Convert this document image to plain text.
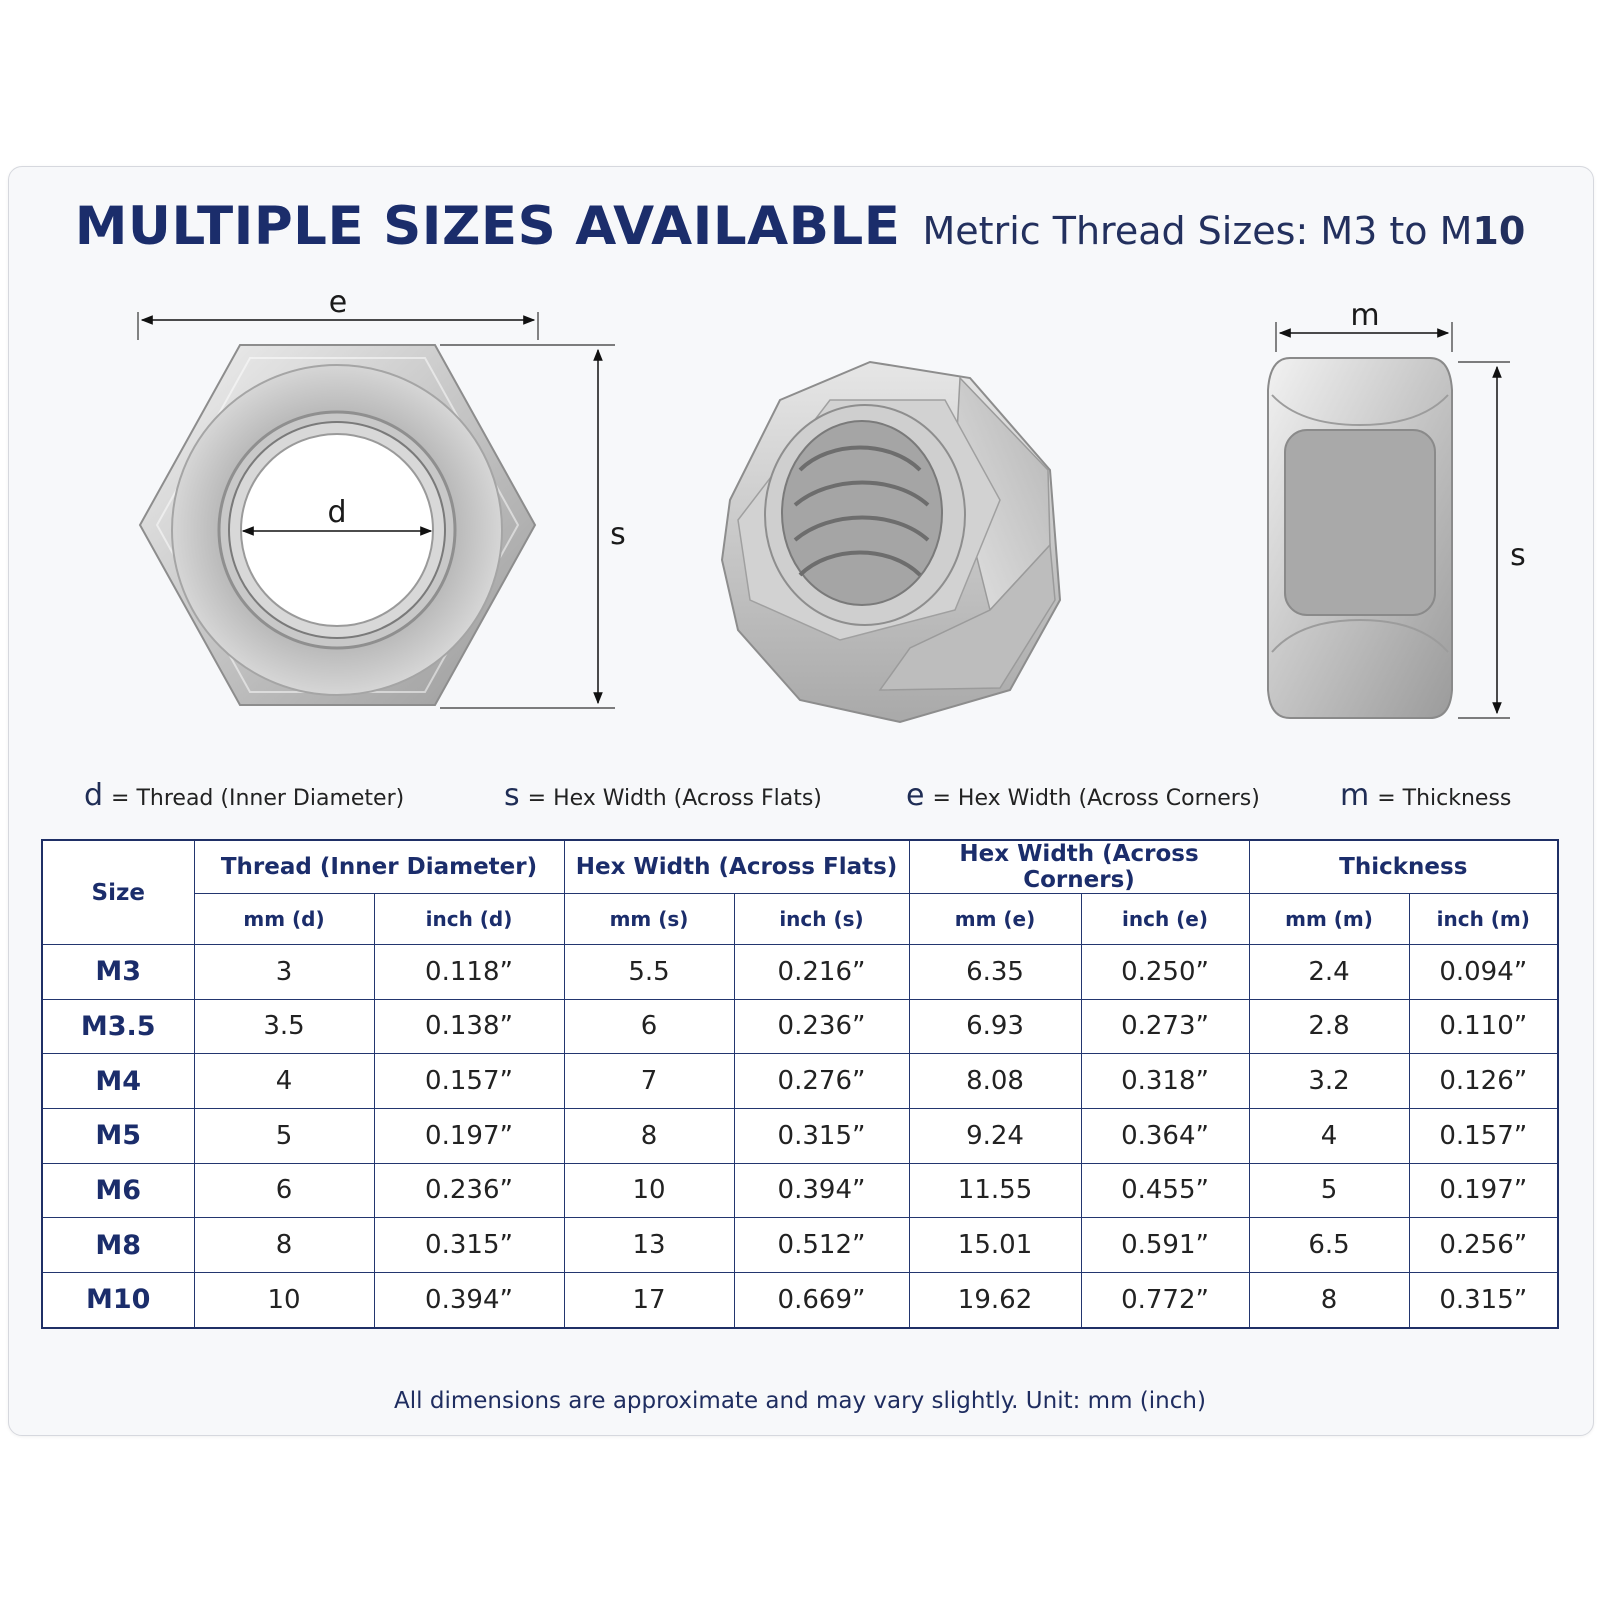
MULTIPLE SIZES AVAILABLE Metric Thread Sizes: M3 to M10
e
d
s
m
s
d = Thread (Inner Diameter)	s = Hex Width (Across Flats)	e = Hex Width (Across Corners)	m = Thickness
Size	Thread (Inner Diameter)		Hex Width (Across Flats)		Hex Width (Across Corners)		Thickness	
	mm (d)	inch (d)	mm (s)	inch (s)	mm (e)	inch (e)	mm (m)	inch (m)
M3	3	0.118”	5.5	0.216”	6.35	0.250”	2.4	0.094”
M3.5	3.5	0.138”	6	0.236”	6.93	0.273”	2.8	0.110”
M4	4	0.157”	7	0.276”	8.08	0.318”	3.2	0.126”
M5	5	0.197”	8	0.315”	9.24	0.364”	4	0.157”
M6	6	0.236”	10	0.394”	11.55	0.455”	5	0.197”
M8	8	0.315”	13	0.512”	15.01	0.591”	6.5	0.256”
M10	10	0.394”	17	0.669”	19.62	0.772”	8	0.315”
All dimensions are approximate and may vary slightly. Unit: mm (inch)
